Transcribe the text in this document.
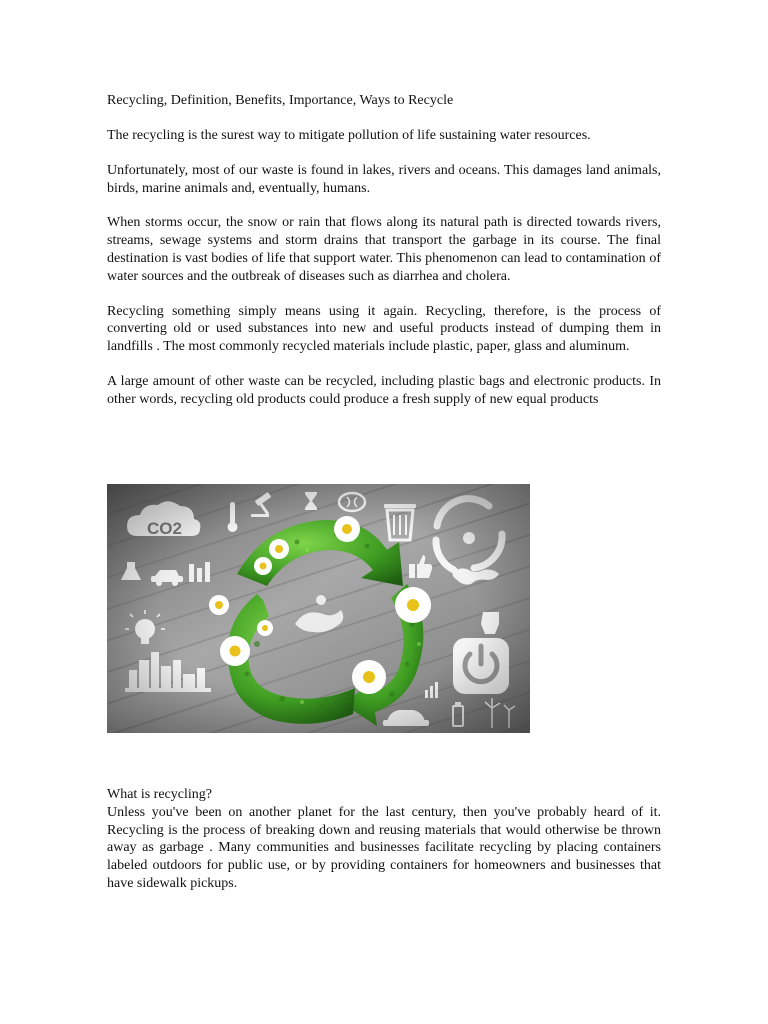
Recycling, Definition, Benefits, Importance, Ways to Recycle

The recycling is the surest way to mitigate pollution of life sustaining water resources.

Unfortunately, most of our waste is found in lakes, rivers and oceans. This damages land animals, birds, marine animals and, eventually, humans.

When storms occur, the snow or rain that flows along its natural path is directed towards rivers, streams, sewage systems and storm drains that transport the garbage in its course. The final destination is vast bodies of life that support water. This phenomenon can lead to contamination of water sources and the outbreak of diseases such as diarrhea and cholera.

Recycling something simply means using it again. Recycling, therefore, is the process of converting old or used substances into new and useful products instead of dumping them in landfills . The most commonly recycled materials include plastic, paper, glass and aluminum.

A large amount of other waste can be recycled, including plastic bags and electronic products. In other words, recycling old products could produce a fresh supply of new equal products

What is recycling?

Unless you've been on another planet for the last century, then you've probably heard of it. Recycling is the process of breaking down and reusing materials that would otherwise be thrown away as garbage . Many communities and businesses facilitate recycling by placing containers labeled outdoors for public use, or by providing containers for homeowners and businesses that have sidewalk pickups.
